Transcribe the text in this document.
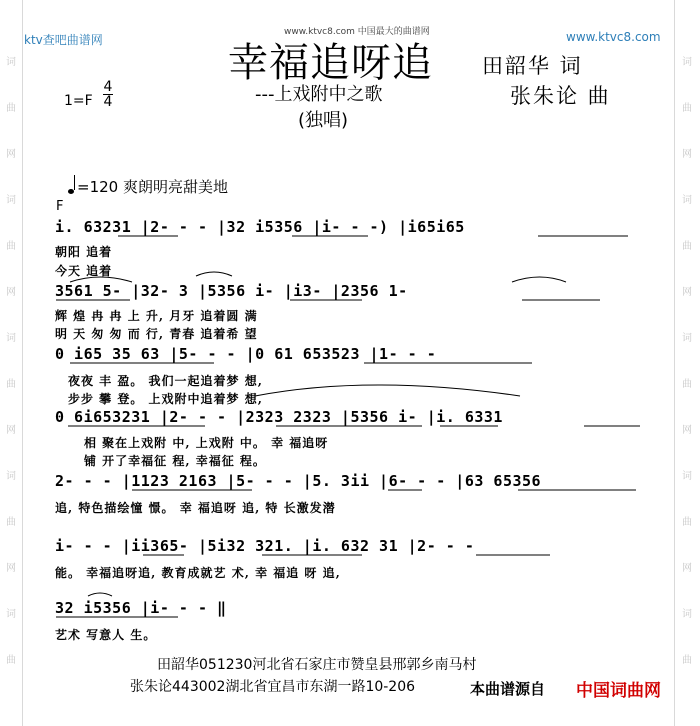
词
曲
网
词
曲
网
词
曲
网
词
曲
网
词
曲
词
曲
网
词
曲
网
词
曲
网
词
曲
网
词
曲
ktv查吧曲谱网
www.ktvc8.com 中国最大的曲谱网	www.ktvc8.com
幸福追呀追
---上戏附中之歌
(独唱)
田韶华 词
张朱论 曲
1=F
4
4
=120 爽朗明亮甜美地
F
i. 63231 |2- - - |32 i5356 |i- - -) |i65i65
朝阳 追着
今天 追着
3561 5- |32- 3 |5356 i- |i3- |2356 1-
辉 煌 冉 冉 上 升, 月牙 追着圆 满
明 天 匆 匆 而 行, 青春 追着希 望
0 i65 35 63 |5- - - |0 61 653523 |1- - -
夜夜 丰 盈。 我们一起追着梦 想,
步步 攀 登。 上戏附中追着梦 想,
0 6i653231 |2- - - |2323 2323 |5356 i- |i. 6331
相 聚在上戏附 中, 上戏附 中。 幸 福追呀
铺 开了幸福征 程, 幸福征 程。
2- - - |1123 2163 |5- - - |5. 3ii |6- - - |63 65356
追, 特色描绘憧 憬。 幸 福追呀 追, 特 长激发潜
i- - - |ii365- |5i32 321. |i. 632 31 |2- - -
能。 幸福追呀追, 教育成就艺 术, 幸 福追 呀 追,
32 i5356 |i- - - ‖
艺术 写意人 生。
田韶华051230河北省石家庄市赞皇县邢郭乡南马村
张朱论443002湖北省宜昌市东湖一路10-206	本曲谱源自 中国词曲网
